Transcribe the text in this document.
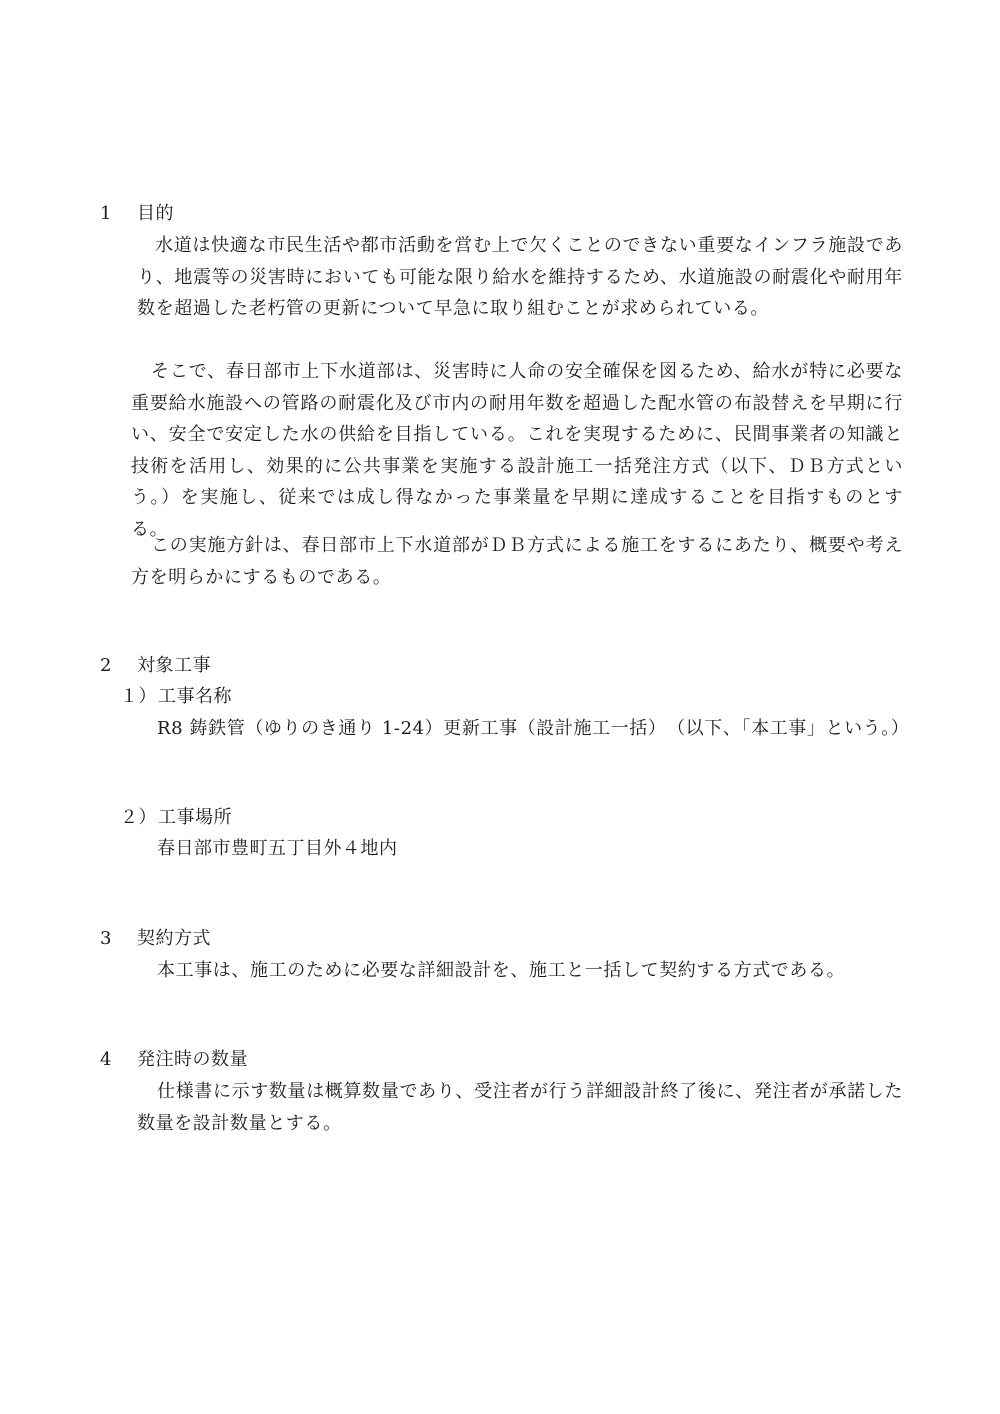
1 目的
水道は快適な市民生活や都市活動を営む上で欠くことのできない重要なインフラ施設であり、地震等の災害時においても可能な限り給水を維持するため、水道施設の耐震化や耐用年数を超過した老朽管の更新について早急に取り組むことが求められている。
そこで、春日部市上下水道部は、災害時に人命の安全確保を図るため、給水が特に必要な重要給水施設への管路の耐震化及び市内の耐用年数を超過した配水管の布設替えを早期に行い、安全で安定した水の供給を目指している。これを実現するために、民間事業者の知識と技術を活用し、効果的に公共事業を実施する設計施工一括発注方式（以下、ＤＢ方式という。）を実施し、従来では成し得なかった事業量を早期に達成することを目指すものとする。
この実施方針は、春日部市上下水道部がＤＢ方式による施工をするにあたり、概要や考え方を明らかにするものである。
2 対象工事
１） 工事名称
R8 鋳鉄管（ゆりのき通り 1-24）更新工事（設計施工一括）　（以下、「本工事」という。）
２） 工事場所
春日部市豊町五丁目外４地内
3 契約方式
本工事は、施工のために必要な詳細設計を、施工と一括して契約する方式である。
4 発注時の数量
仕様書に示す数量は概算数量であり、受注者が行う詳細設計終了後に、発注者が承諾した数量を設計数量とする。
